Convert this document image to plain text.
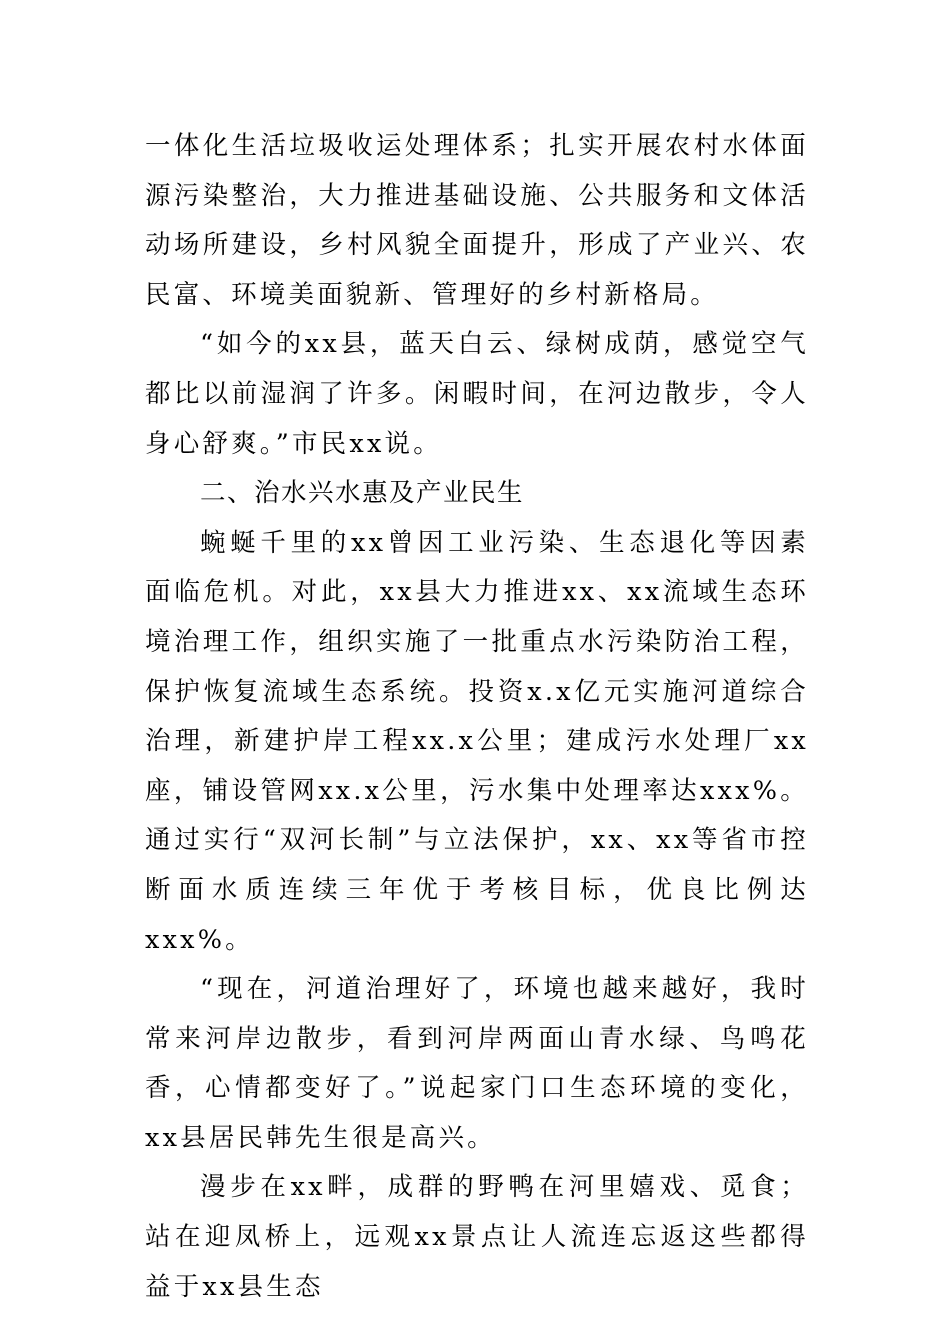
一体化生活垃圾收运处理体系；扎实开展农村水体面源污染整治，大力推进基础设施、公共服务和文体活动场所建设，乡村风貌全面提升，形成了产业兴、农民富、环境美面貌新、管理好的乡村新格局。

“如今的xx县，蓝天白云、绿树成荫，感觉空气都比以前湿润了许多。闲暇时间，在河边散步，令人身心舒爽。”市民xx说。

二、治水兴水惠及产业民生

蜿蜒千里的xx曾因工业污染、生态退化等因素面临危机。对此，xx县大力推进xx、xx流域生态环境治理工作，组织实施了一批重点水污染防治工程，保护恢复流域生态系统。投资x.x亿元实施河道综合治理，新建护岸工程xx.x公里；建成污水处理厂xx座，铺设管网xx.x公里，污水集中处理率达xxx%。通过实行“双河长制”与立法保护，xx、xx等省市控断面水质连续三年优于考核目标，优良比例达xxx%。

“现在，河道治理好了，环境也越来越好，我时常来河岸边散步，看到河岸两面山青水绿、鸟鸣花香，心情都变好了。”说起家门口生态环境的变化，xx县居民韩先生很是高兴。

漫步在xx畔，成群的野鸭在河里嬉戏、觅食；站在迎凤桥上，远观xx景点让人流连忘返这些都得益于xx县生态
